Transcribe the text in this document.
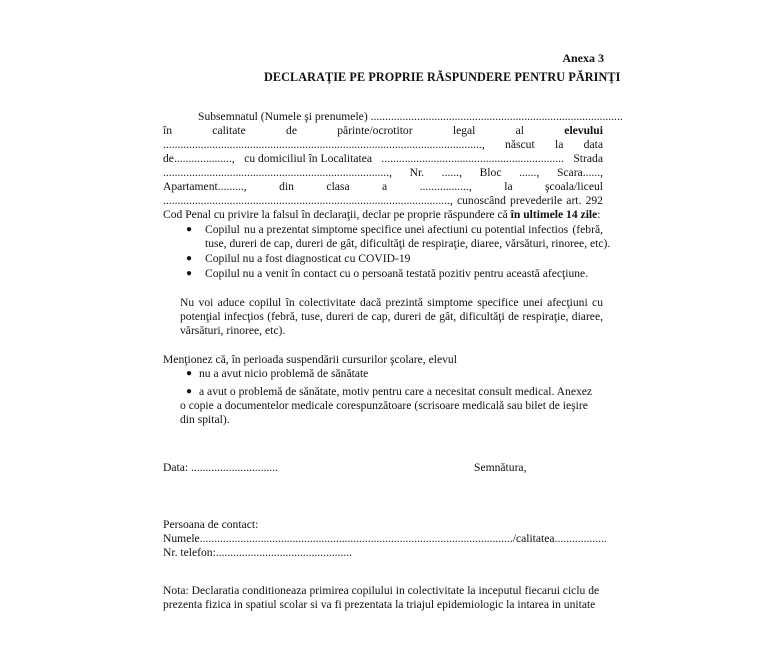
Anexa 3
DECLARAŢIE PE PROPRIE RĂSPUNDERE PENTRU PĂRINŢI
Subsemnatul (Numele şi prenumele) .......................................................................................
în	calitate	de	părinte/ocrotitor	legal	al	elevului
.............................................................................................................., născut la data
de...................., cu domiciliul în Localitatea ............................................................... Strada
.............................................................................., Nr. ......, Bloc ......, Scara......,
Apartament.........,	din	clasa	a	.................,	la	şcoala/liceul
..................................................................................................., cunoscând prevederile art. 292
Cod Penal cu privire la falsul în declaraţii, declar pe proprie răspundere că în ultimele 14 zile:
● Copilul nu a prezentat simptome specifice unei afectiuni cu potential infectios (febră,
tuse, dureri de cap, dureri de gât, dificultăţi de respiraţie, diaree, vărsături, rinoree, etc).
● Copilul nu a fost diagnosticat cu COVID-19
● Copilul nu a venit în contact cu o persoană testată pozitiv pentru această afecţiune.
Nu voi aduce copilul în colectivitate dacă prezintă simptome specifice unei afecţiuni cu
potenţial infecţios (febră, tuse, dureri de cap, dureri de gât, dificultăţi de respiraţie, diaree,
vărsături, rinoree, etc).
Menţionez că, în perioada suspendării cursurilor şcolare, elevul
● nu a avut nicio problemă de sănătate
● a avut o problemă de sănătate, motiv pentru care a necesitat consult medical. Anexez
o copie a documentelor medicale corespunzătoare (scrisoare medicală sau bilet de ieşire
din spital).
Data: ..............................	Semnătura,
Persoana de contact:
Numele............................................................................................................/calitatea..................
Nr. telefon:...............................................
Nota: Declaratia conditioneaza primirea copilului in colectivitate la inceputul fiecarui ciclu de
prezenta fizica in spatiul scolar si va fi prezentata la triajul epidemiologic la intarea in unitate
